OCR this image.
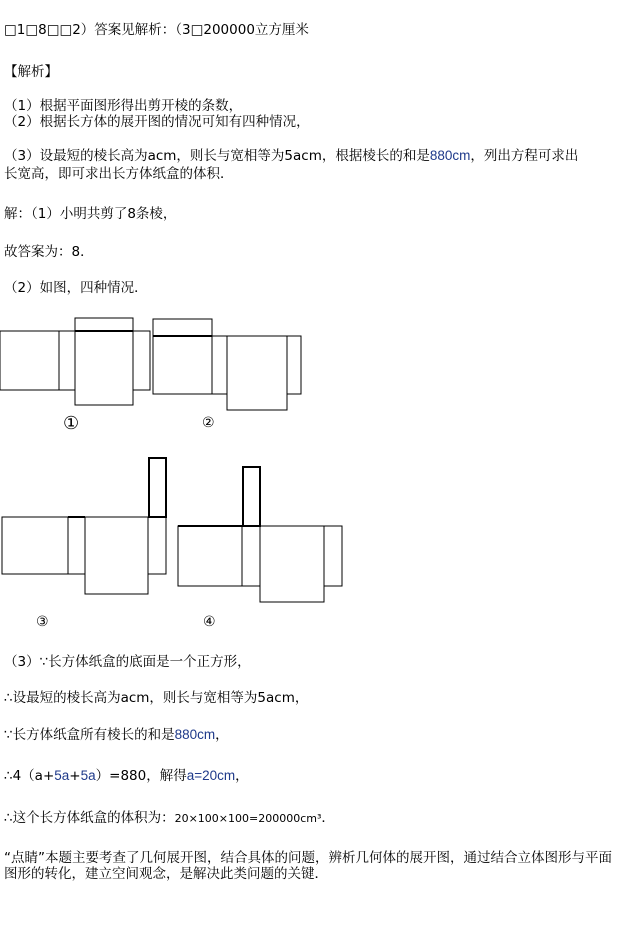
□1□8□□2）答案见解析：（3□200000立方厘米
【解析】
（1）根据平面图形得出剪开棱的条数，
（2）根据长方体的展开图的情况可知有四种情况，
（3）设最短的棱长高为acm，则长与宽相等为5acm，根据棱长的和是880cm，列出方程可求出
长宽高，即可求出长方体纸盒的体积．
解：（1）小明共剪了8条棱，
故答案为：8．
（2）如图，四种情况．
①	②
③	④
（3）∵长方体纸盒的底面是一个正方形，
∴设最短的棱长高为acm，则长与宽相等为5acm，
∵长方体纸盒所有棱长的和是880cm，
∴4（a+5a+5a）=880，解得a=20cm，
∴这个长方体纸盒的体积为：20×100×100=200000cm³．
“点睛”本题主要考查了几何展开图，结合具体的问题，辨析几何体的展开图，通过结合立体图形与平面图形的转化，建立空间观念，是解决此类问题的关键．
